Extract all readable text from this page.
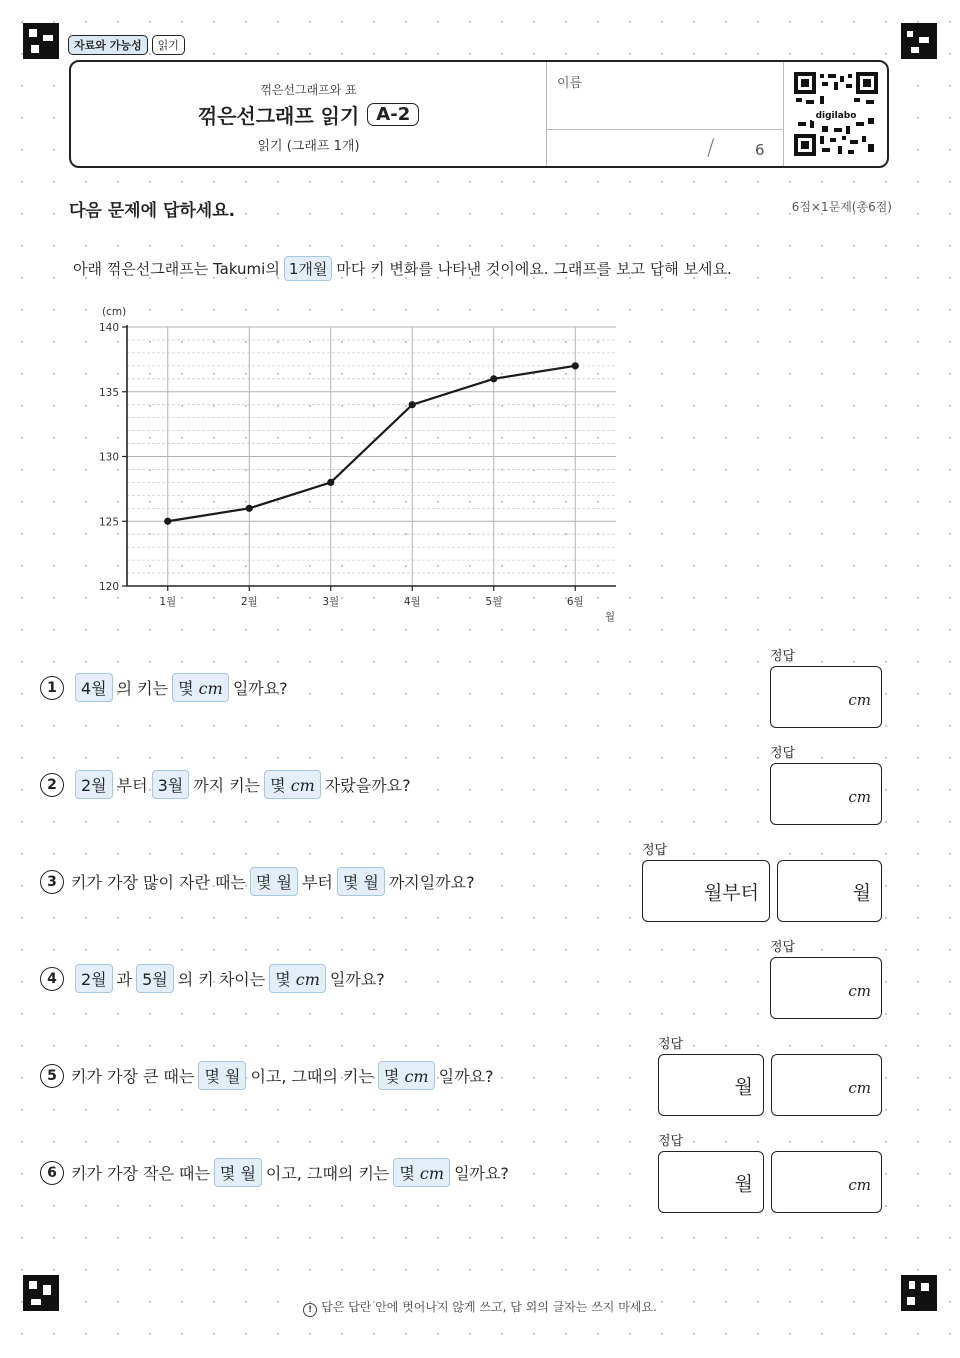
자료와 가능성	읽기
꺾은선그래프와 표
꺾은선그래프 읽기 A-2
읽기 (그래프 1개)
이름
/	6
digilabo
다음 문제에 답하세요.	6점×1문제(총6점)
아래 꺾은선그래프는 Takumi의 1개월 마다 키 변화를 나타낸 것이에요. 그래프를 보고 답해 보세요.
120
125
130
135
140
1월	2월	3월	4월	5월	6월
(cm)
월
1	4월 의 키는 몇 cm 일까요?
정답
cm
2	2월 부터 3월 까지 키는 몇 cm 자랐을까요?
정답
cm
3 키가 가장 많이 자란 때는 몇 월 부터 몇 월 까지일까요?
정답
월부터	월
4	2월 과 5월 의 키 차이는 몇 cm 일까요?
정답
cm
5 키가 가장 큰 때는 몇 월 이고, 그때의 키는 몇 cm 일까요?
정답
월	cm
6 키가 가장 작은 때는 몇 월 이고, 그때의 키는 몇 cm 일까요?
정답
월	cm
! 답은 답란 안에 벗어나지 않게 쓰고, 답 외의 글자는 쓰지 마세요.
